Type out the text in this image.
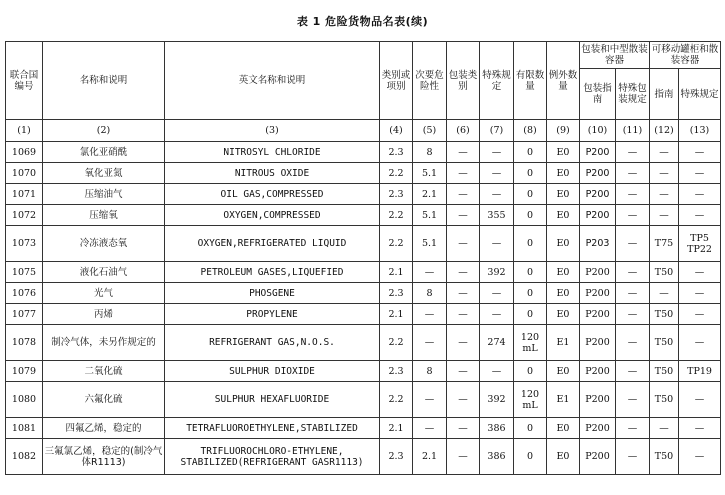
表 1 危险货物品名表(续)
联合国编号	名称和说明	英文名称和说明	类别或项别	次要危险性	包装类别	特殊规定	有限数量	例外数量	包装和中型散装容器		可移动罐柜和散装容器	
									包装指南	特殊包装规定	指南	特殊规定
(1)	(2)	(3)	(4)	(5)	(6)	(7)	(8)	(9)	(10)	(11)	(12)	(13)
1069	氯化亚硝酰	NITROSYL CHLORIDE	2.3	8	—	—	0	E0	P200	—	—	—
1070	氧化亚氮	NITROUS OXIDE	2.2	5.1	—	—	0	E0	P200	—	—	—
1071	压缩油气	OIL GAS,COMPRESSED	2.3	2.1	—	—	0	E0	P200	—	—	—
1072	压缩氧	OXYGEN,COMPRESSED	2.2	5.1	—	355	0	E0	P200	—	—	—
1073	冷冻液态氧	OXYGEN,REFRIGERATED LIQUID	2.2	5.1	—	—	0	E0	P203	—	T75	TP5 TP22
1075	液化石油气	PETROLEUM GASES,LIQUEFIED	2.1	—	—	392	0	E0	P200	—	T50	—
1076	光气	PHOSGENE	2.3	8	—	—	0	E0	P200	—	—	—
1077	丙烯	PROPYLENE	2.1	—	—	—	0	E0	P200	—	T50	—
1078	制冷气体，未另作规定的	REFRIGERANT GAS,N.O.S.	2.2	—	—	274	120 mL	E1	P200	—	T50	—
1079	二氧化硫	SULPHUR DIOXIDE	2.3	8	—	—	0	E0	P200	—	T50	TP19
1080	六氟化硫	SULPHUR HEXAFLUORIDE	2.2	—	—	392	120 mL	E1	P200	—	T50	—
1081	四氟乙烯，稳定的	TETRAFLUOROETHYLENE,STABILIZED	2.1	—	—	386	0	E0	P200	—	—	—
1082	三氟氯乙烯，稳定的(制冷气体R1113)	TRIFLUOROCHLORO-ETHYLENE, STABILIZED(REFRIGERANT GASR1113)	2.3	2.1	—	386	0	E0	P200	—	T50	—
